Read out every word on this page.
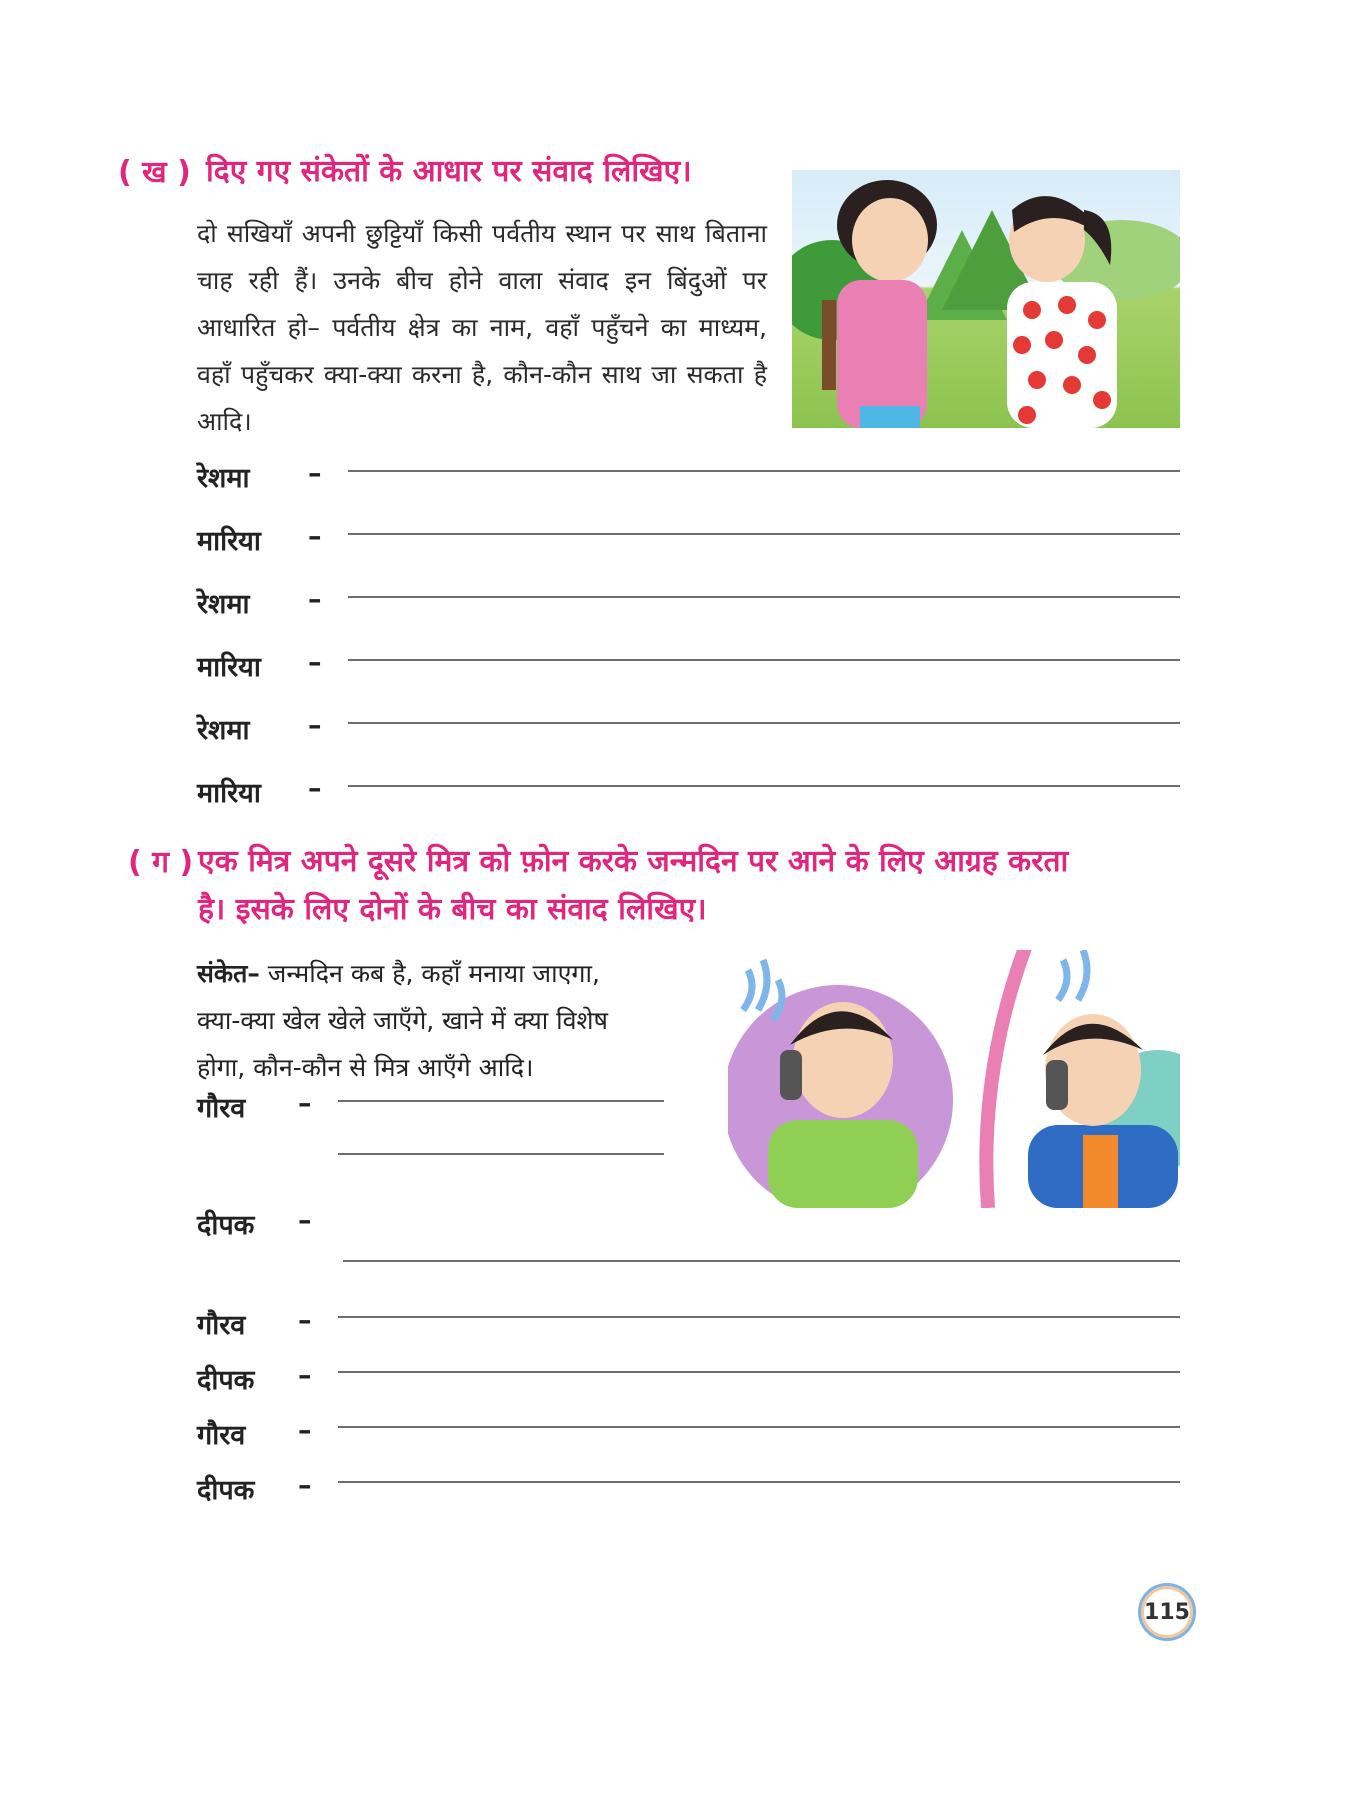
( ख ) दिए गए संकेतों के आधार पर संवाद लिखिए।
दो सखियाँ अपनी छुट्टियाँ किसी पर्वतीय स्थान पर साथ बिताना चाह रही हैं। उनके बीच होने वाला संवाद इन बिंदुओं पर आधारित हो– पर्वतीय क्षेत्र का नाम, वहाँ पहुँचने का माध्यम, वहाँ पहुँचकर क्या-क्या करना है, कौन-कौन साथ जा सकता है आदि।
रेशमा –
मारिया –
रेशमा –
मारिया –
रेशमा –
मारिया –
( ग ) एक मित्र अपने दूसरे मित्र को फ़ोन करके जन्मदिन पर आने के लिए आग्रह करता
है। इसके लिए दोनों के बीच का संवाद लिखिए।
संकेत– जन्मदिन कब है, कहाँ मनाया जाएगा,
क्या-क्या खेल खेले जाएँगे, खाने में क्या विशेष
होगा, कौन-कौन से मित्र आएँगे आदि।
गौरव –
दीपक –
गौरव –
दीपक –
गौरव –
दीपक –
115
